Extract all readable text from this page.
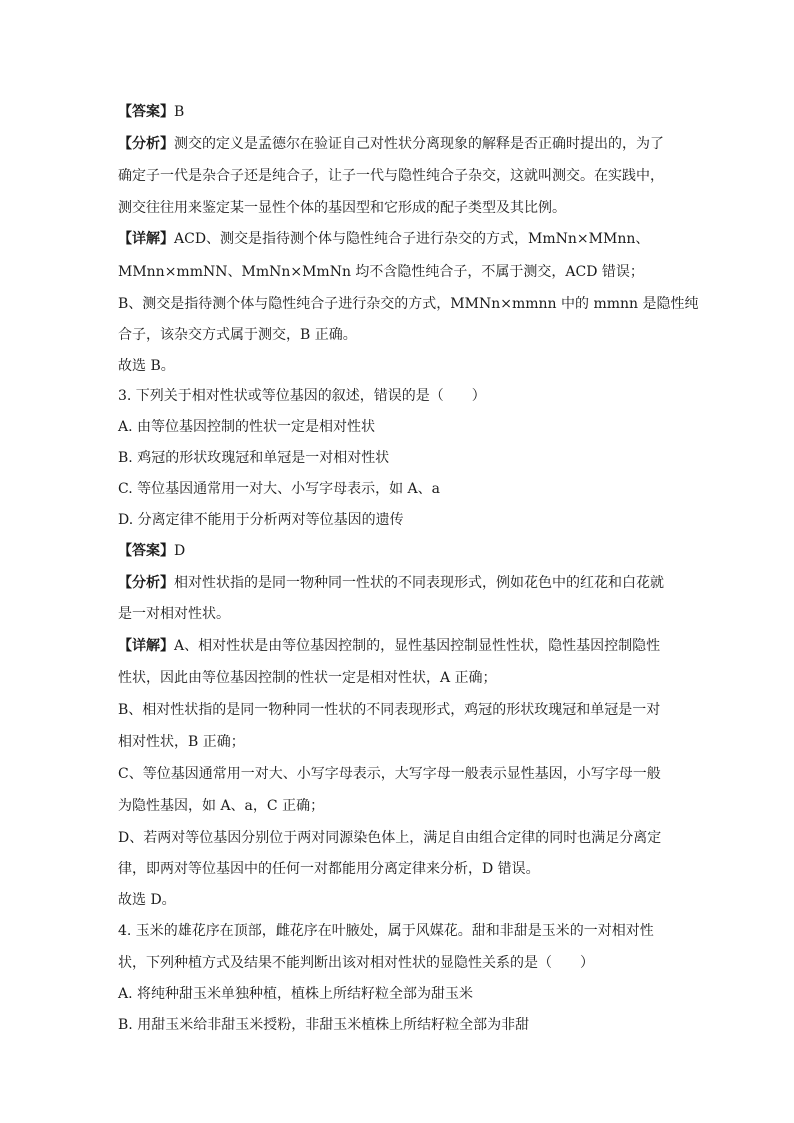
【答案】B
【分析】测交的定义是孟德尔在验证自己对性状分离现象的解释是否正确时提出的，为了
确定子一代是杂合子还是纯合子，让子一代与隐性纯合子杂交，这就叫测交。在实践中，
测交往往用来鉴定某一显性个体的基因型和它形成的配子类型及其比例。
【详解】ACD、测交是指待测个体与隐性纯合子进行杂交的方式，MmNn×MMnn、
MMnn×mmNN、MmNn×MmNn 均不含隐性纯合子，不属于测交，ACD 错误；
B、测交是指待测个体与隐性纯合子进行杂交的方式，MMNn×mmnn 中的 mmnn 是隐性纯
合子，该杂交方式属于测交，B 正确。
故选 B。
3. 下列关于相对性状或等位基因的叙述，错误的是（　　）
A. 由等位基因控制的性状一定是相对性状
B. 鸡冠的形状玫瑰冠和单冠是一对相对性状
C. 等位基因通常用一对大、小写字母表示，如 A、a
D. 分离定律不能用于分析两对等位基因的遗传
【答案】D
【分析】相对性状指的是同一物种同一性状的不同表现形式，例如花色中的红花和白花就
是一对相对性状。
【详解】A、相对性状是由等位基因控制的，显性基因控制显性性状，隐性基因控制隐性
性状，因此由等位基因控制的性状一定是相对性状，A 正确；
B、相对性状指的是同一物种同一性状的不同表现形式，鸡冠的形状玫瑰冠和单冠是一对
相对性状，B 正确；
C、等位基因通常用一对大、小写字母表示，大写字母一般表示显性基因，小写字母一般
为隐性基因，如 A、a，C 正确；
D、若两对等位基因分别位于两对同源染色体上，满足自由组合定律的同时也满足分离定
律，即两对等位基因中的任何一对都能用分离定律来分析，D 错误。
故选 D。
4. 玉米的雄花序在顶部，雌花序在叶腋处，属于风媒花。甜和非甜是玉米的一对相对性
状，下列种植方式及结果不能判断出该对相对性状的显隐性关系的是（　　）
A. 将纯种甜玉米单独种植，植株上所结籽粒全部为甜玉米
B. 用甜玉米给非甜玉米授粉，非甜玉米植株上所结籽粒全部为非甜
